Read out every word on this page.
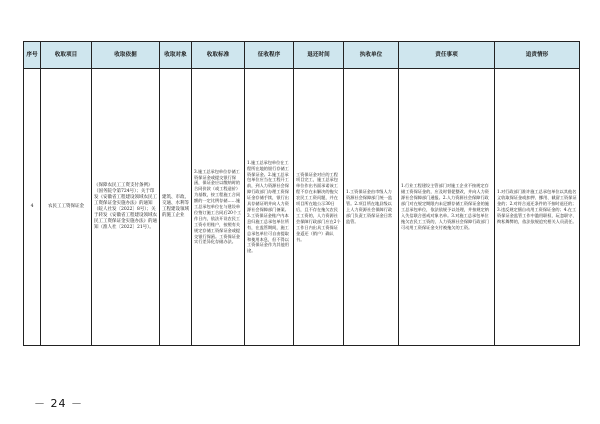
序号	收取项目	收取依据	收取对象	收取标准	征收程序	退还时间	执收单位	责任事项	追责情形
4	农民工工资保证金	《保障农民工工资支付条例》（国务院令第724号）；关于印发《安徽省工程建设领域农民工工资保证金实施办法》的通知（皖人社发〔2022〕8号）；关于转发《安徽省工程建设领域农民工工资保证金实施办法》的通知（淮人社〔2022〕21号）。	建筑、市政、交通、水利等工程建设领域的施工企业	3.施工总承包单位存储工资保证金或提交银行保函，保证金应以缴纳时的合同价款（或工程造价）为基数，按工程施工合同额的一定比例存储……施工总承包单位在与建设单位签订施工合同后20个工作日内，依法开设农民工工资专用账户，按照有关规定存储工资保证金或提交银行保函。工资保证金实行差异化存储办法。	1.施工总承包单位在工程所在地的银行存储工资保证金。2.施工总承包单位应当在工程开工前，到人力资源社会保障行政部门办理工资保证金存储手续，银行出具存储证明并向人力资源社会保障部门备案。3.工资保证金账户内本息归施工总承包单位所有，在监管期间，施工总承包单位可自由提取和使用本息，但不得以工资保证金作为其他用途。	工资保证金对应的工程项目完工，施工总承包单位作出书面承诺该工程不存在未解决的拖欠农民工工资问题，并在项目所在地公示30日后，且不存在拖欠农民工工资的，人力资源社会保障行政部门应在2个工作日内出具工资保证金返还（销户）确认书。	1.工资保证金由市级人力资源社会保障部门统一监管。2.项目所在地县级以上人力资源社会保障行政部门负责工资保证金日常监管。	1.行业工程建设主管部门对施工企业不按规定存储工资保证金的，应及时督促整改，并向人力资源社会保障部门通报。2.人力资源社会保障行政部门对在规定期限内未足额存储工资保证金的施工总承包单位，依法依规予以处理，并按规定纳入失信联合惩戒对象名单。3.对施工总承包单位拖欠农民工工资的，人力资源社会保障行政部门可动用工资保证金支付被拖欠的工资。	1.对行政部门准许施工总承包单位以其他名义收取保证金或扣押、挪用、截留工资保证金的；2.对符合退还条件的不按时退还的；3.违反规定擅自动用工资保证金的；4.在工资保证金监管工作中滥用职权、玩忽职守、徇私舞弊的，依法依规追究相关人员责任。
－ 24 －
